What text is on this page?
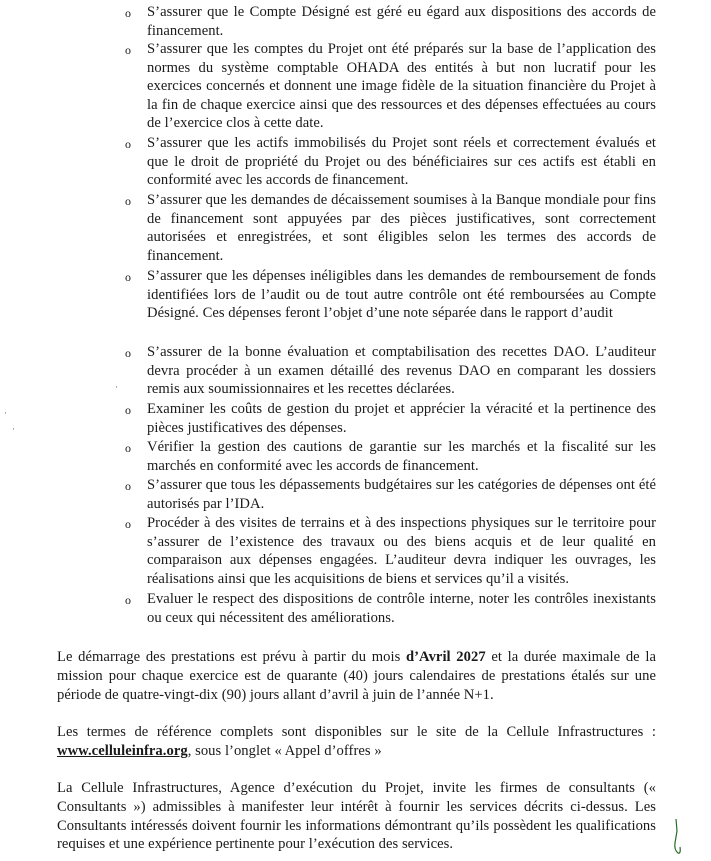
o S’assurer que le Compte Désigné est géré eu égard aux dispositions des accords de financement.
o S’assurer que les comptes du Projet ont été préparés sur la base de l’application des normes du système comptable OHADA des entités à but non lucratif pour les exercices concernés et donnent une image fidèle de la situation financière du Projet à la fin de chaque exercice ainsi que des ressources et des dépenses effectuées au cours de l’exercice clos à cette date.
o S’assurer que les actifs immobilisés du Projet sont réels et correctement évalués et que le droit de propriété du Projet ou des bénéficiaires sur ces actifs est établi en conformité avec les accords de financement.
o S’assurer que les demandes de décaissement soumises à la Banque mondiale pour fins de financement sont appuyées par des pièces justificatives, sont correctement autorisées et enregistrées, et sont éligibles selon les termes des accords de financement.
o S’assurer que les dépenses inéligibles dans les demandes de remboursement de fonds identifiées lors de l’audit ou de tout autre contrôle ont été remboursées au Compte Désigné. Ces dépenses feront l’objet d’une note séparée dans le rapport d’audit
o S’assurer de la bonne évaluation et comptabilisation des recettes DAO. L’auditeur devra procéder à un examen détaillé des revenus DAO en comparant les dossiers remis aux soumissionnaires et les recettes déclarées.
o Examiner les coûts de gestion du projet et apprécier la véracité et la pertinence des pièces justificatives des dépenses.
o Vérifier la gestion des cautions de garantie sur les marchés et la fiscalité sur les marchés en conformité avec les accords de financement.
o S’assurer que tous les dépassements budgétaires sur les catégories de dépenses ont été autorisés par l’IDA.
o Procéder à des visites de terrains et à des inspections physiques sur le territoire pour s’assurer de l’existence des travaux ou des biens acquis et de leur qualité en comparaison aux dépenses engagées. L’auditeur devra indiquer les ouvrages, les réalisations ainsi que les acquisitions de biens et services qu’il a visités.
o Evaluer le respect des dispositions de contrôle interne, noter les contrôles inexistants ou ceux qui nécessitent des améliorations.
·
·
·

Le démarrage des prestations est prévu à partir du mois d’Avril 2027 et la durée maximale de la mission pour chaque exercice est de quarante (40) jours calendaires de prestations étalés sur une période de quatre-vingt-dix (90) jours allant d’avril à juin de l’année N+1.

Les termes de référence complets sont disponibles sur le site de la Cellule Infrastructures : www.celluleinfra.org, sous l’onglet « Appel d’offres »

La Cellule Infrastructures, Agence d’exécution du Projet, invite les firmes de consultants (« Consultants ») admissibles à manifester leur intérêt à fournir les services décrits ci-dessus. Les Consultants intéressés doivent fournir les informations démontrant qu’ils possèdent les qualifications requises et une expérience pertinente pour l’exécution des services.
